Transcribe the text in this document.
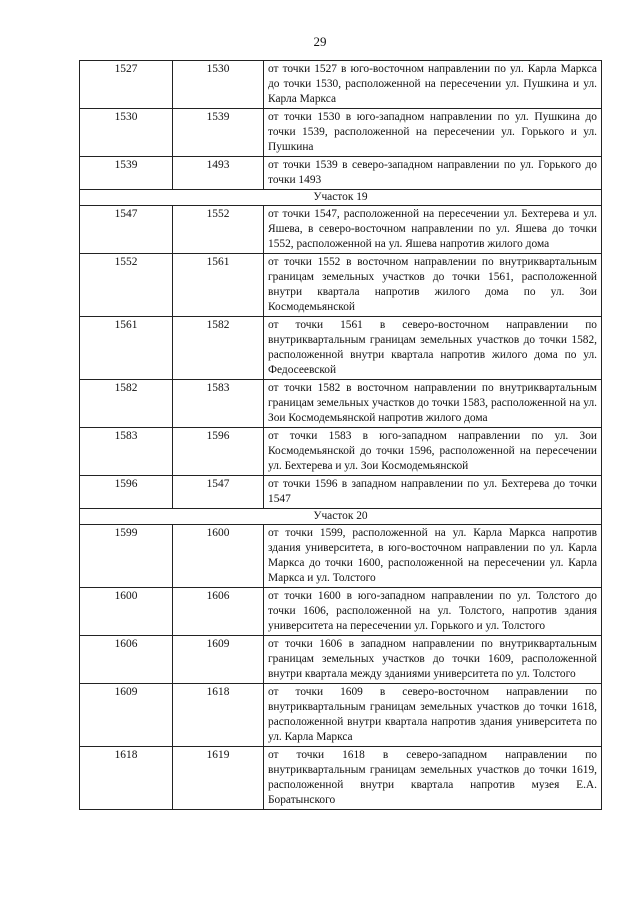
29
1527	1530	от точки 1527 в юго-восточном направлении по ул. Карла Маркса до точки 1530, расположенной на пересечении ул. Пушкина и ул. Карла Маркса
1530	1539	от точки 1530 в юго-западном направлении по ул. Пушкина до точки 1539, расположенной на пересечении ул. Горького и ул. Пушкина
1539	1493	от точки 1539 в северо-западном направлении по ул. Горького до точки 1493
Участок 19		
1547	1552	от точки 1547, расположенной на пересечении ул. Бехтерева и ул. Яшева, в северо-восточном направлении по ул. Яшева до точки 1552, расположенной на ул. Яшева напротив жилого дома
1552	1561	от точки 1552 в восточном направлении по внутриквартальным границам земельных участков до точки 1561, расположенной внутри квартала напротив жилого дома по ул. Зои Космодемьянской
1561	1582	от точки 1561 в северо-восточном направлении по внутриквартальным границам земельных участков до точки 1582, расположенной внутри квартала напротив жилого дома по ул. Федосеевской
1582	1583	от точки 1582 в восточном направлении по внутриквартальным границам земельных участков до точки 1583, расположенной на ул. Зои Космодемьянской напротив жилого дома
1583	1596	от точки 1583 в юго-западном направлении по ул. Зои Космодемьянской до точки 1596, расположенной на пересечении ул. Бехтерева и ул. Зои Космодемьянской
1596	1547	от точки 1596 в западном направлении по ул. Бехтерева до точки 1547
Участок 20		
1599	1600	от точки 1599, расположенной на ул. Карла Маркса напротив здания университета, в юго-восточном направлении по ул. Карла Маркса до точки 1600, расположенной на пересечении ул. Карла Маркса и ул. Толстого
1600	1606	от точки 1600 в юго-западном направлении по ул. Толстого до точки 1606, расположенной на ул. Толстого, напротив здания университета на пересечении ул. Горького и ул. Толстого
1606	1609	от точки 1606 в западном направлении по внутриквартальным границам земельных участков до точки 1609, расположенной внутри квартала между зданиями университета по ул. Толстого
1609	1618	от точки 1609 в северо-восточном направлении по внутриквартальным границам земельных участков до точки 1618, расположенной внутри квартала напротив здания университета по ул. Карла Маркса
1618	1619	от точки 1618 в северо-западном направлении по внутриквартальным границам земельных участков до точки 1619, расположенной внутри квартала напротив музея Е.А. Боратынского
